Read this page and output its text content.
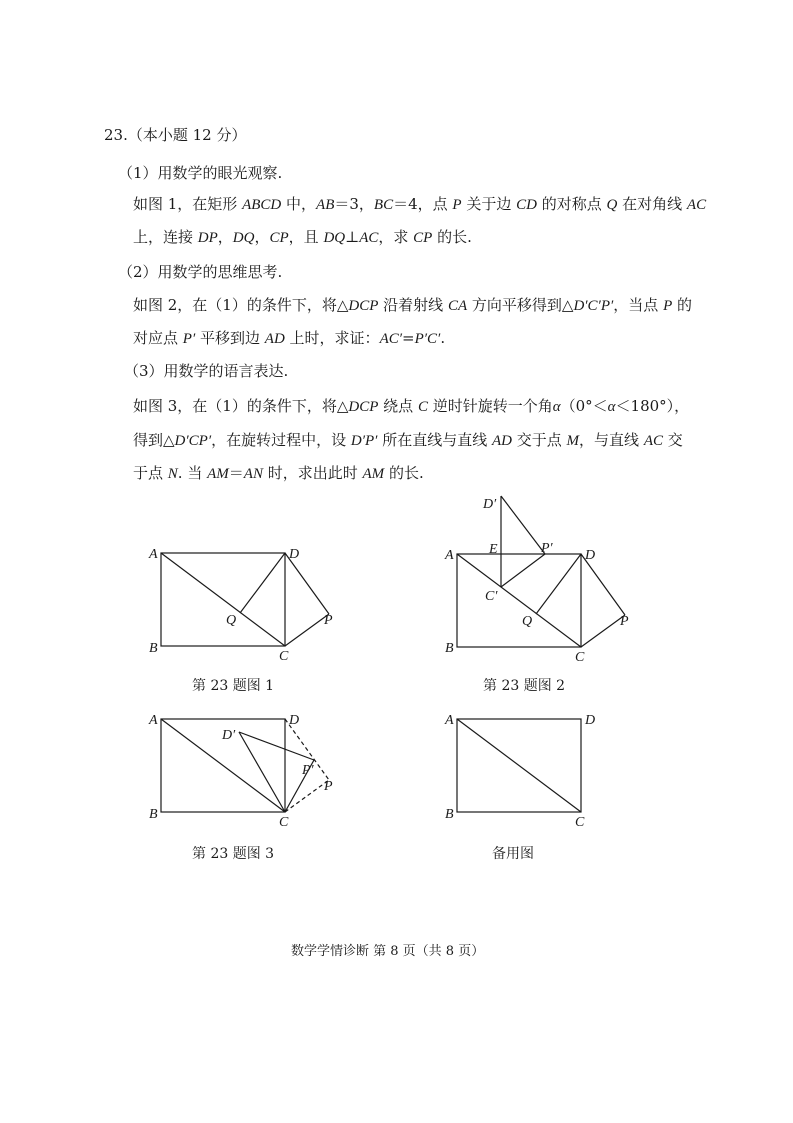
23.（本小题 12 分）
（1）用数学的眼光观察.
如图 1，在矩形 ABCD 中，AB＝3，BC＝4，点 P 关于边 CD 的对称点 Q 在对角线 AC
上，连接 DP，DQ，CP，且 DQ⊥AC，求 CP 的长.
（2）用数学的思维思考.
如图 2，在（1）的条件下，将△DCP 沿着射线 CA 方向平移得到△D′C′P′，当点 P 的
对应点 P′ 平移到边 AD 上时，求证：AC′=P′C′.
（3）用数学的语言表达.
如图 3，在（1）的条件下，将△DCP 绕点 C 逆时针旋转一个角α（0°＜α＜180°），
得到△D′CP′，在旋转过程中，设 D′P′ 所在直线与直线 AD 交于点 M，与直线 AC 交
于点 N. 当 AM＝AN 时，求出此时 AM 的长.
A
B
C
D
P
Q
第 23 题图 1
A
B
C
D
P
Q
E
D′
C′
P′
第 23 题图 2
A
B
C
D
P
D′
P′
第 23 题图 3
A
B
C
D
备用图
数学学情诊断 第 8 页（共 8 页）
